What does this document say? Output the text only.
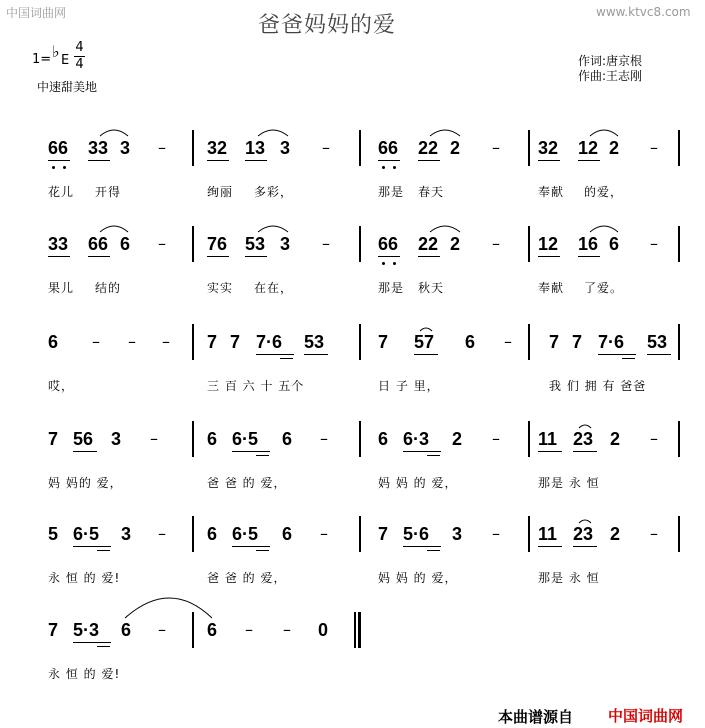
中国词曲网	www.ktvc8.com
爸爸妈妈的爱
1= ♭ E
4
4
中速甜美地
作词:唐京根
作曲:王志刚
66 33 3 – 32 13 3 –	66 22 2 – 32 12 2 –
花儿 开得	绚丽 多彩，	那是 春天	奉献 的爱，
33 66 6 – 76 53 3 –	66 22 2 – 12 16 6 –
果儿 结的	实实 在在，	那是 秋天	奉献 了爱。
6 – – – 7 7 7·6 53	7 57 6 – 7 7 7·6 53
哎，	三 百 六 十 五个	日 子 里，	我 们 拥 有 爸爸
7 56 3 –	6 6·5 6 –	6 6·3 2 – 11 23 2 –
妈 妈的 爱，	爸 爸 的 爱，	妈 妈 的 爱，	那是 永 恒
5 6·5 3 – 6 6·5 6 –	7 5·6 3 – 11 23 2 –
永 恒 的 爱!	爸 爸 的 爱，	妈 妈 的 爱，	那是 永 恒
7 5·3 6 – 6 – – 0
永 恒 的 爱!
本曲谱源自 中国词曲网
